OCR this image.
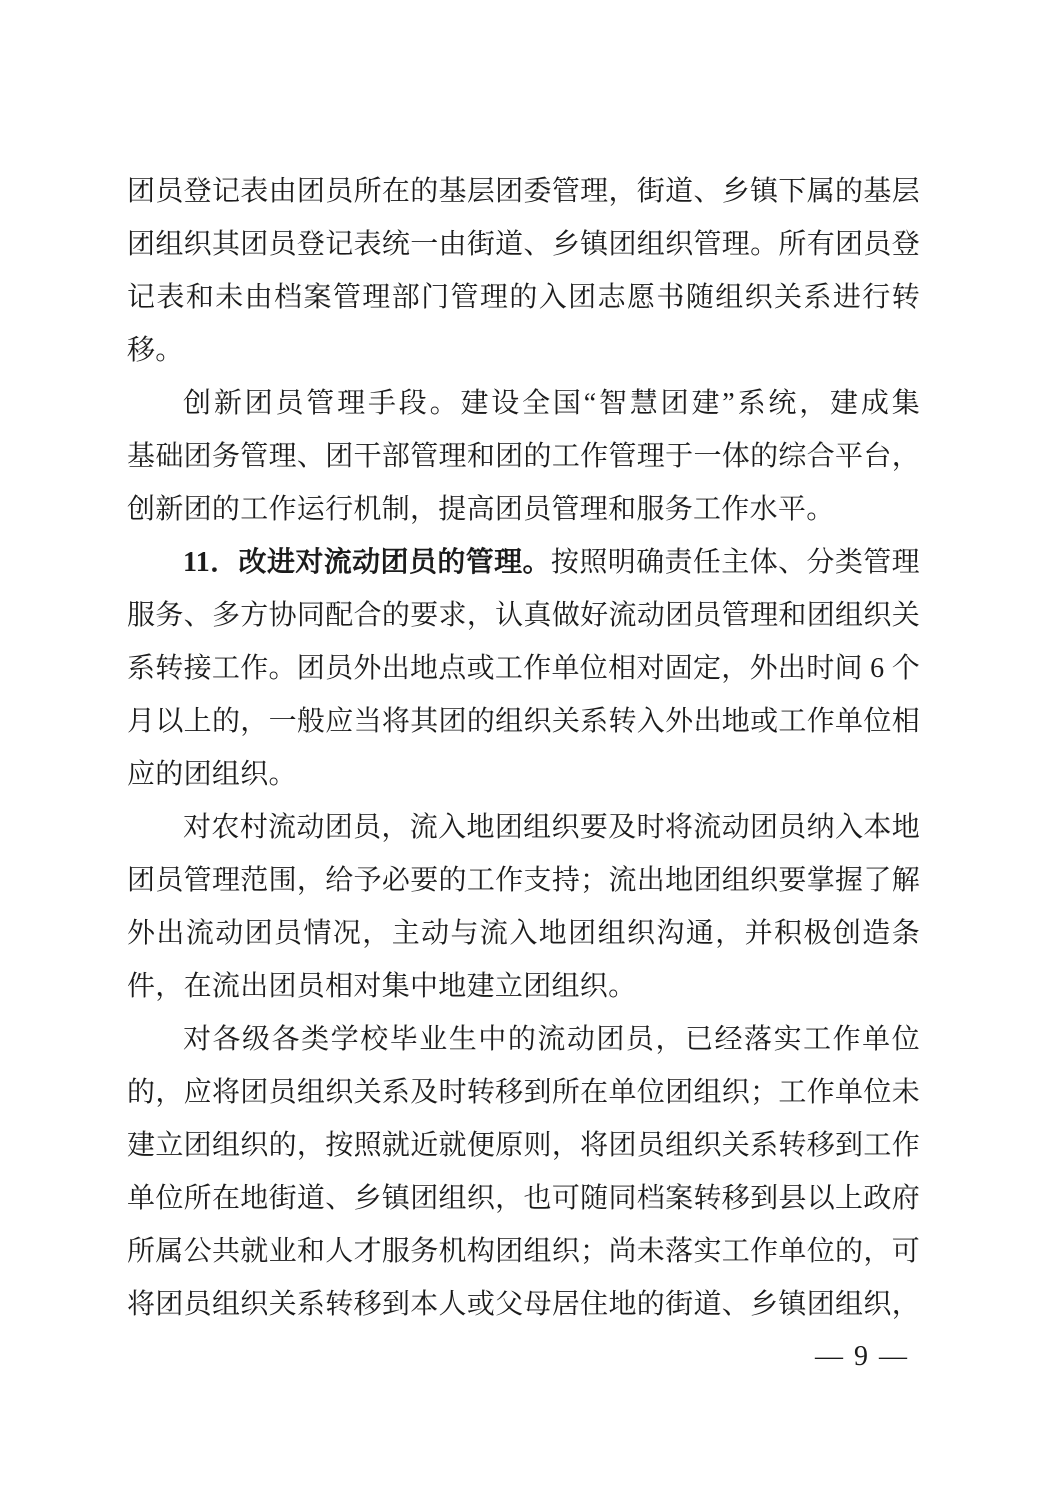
团员登记表由团员所在的基层团委管理，街道、乡镇下属的基层
团组织其团员登记表统一由街道、乡镇团组织管理。所有团员登
记表和未由档案管理部门管理的入团志愿书随组织关系进行转
移。
创新团员管理手段。建设全国“智慧团建”系统，建成集
基础团务管理、团干部管理和团的工作管理于一体的综合平台，
创新团的工作运行机制，提高团员管理和服务工作水平。
11．改进对流动团员的管理。按照明确责任主体、分类管理
服务、多方协同配合的要求，认真做好流动团员管理和团组织关
系转接工作。团员外出地点或工作单位相对固定，外出时间 6 个
月以上的，一般应当将其团的组织关系转入外出地或工作单位相
应的团组织。
对农村流动团员，流入地团组织要及时将流动团员纳入本地
团员管理范围，给予必要的工作支持；流出地团组织要掌握了解
外出流动团员情况，主动与流入地团组织沟通，并积极创造条
件，在流出团员相对集中地建立团组织。
对各级各类学校毕业生中的流动团员，已经落实工作单位
的，应将团员组织关系及时转移到所在单位团组织；工作单位未
建立团组织的，按照就近就便原则，将团员组织关系转移到工作
单位所在地街道、乡镇团组织，也可随同档案转移到县以上政府
所属公共就业和人才服务机构团组织；尚未落实工作单位的，可
将团员组织关系转移到本人或父母居住地的街道、乡镇团组织，
— 9 —
